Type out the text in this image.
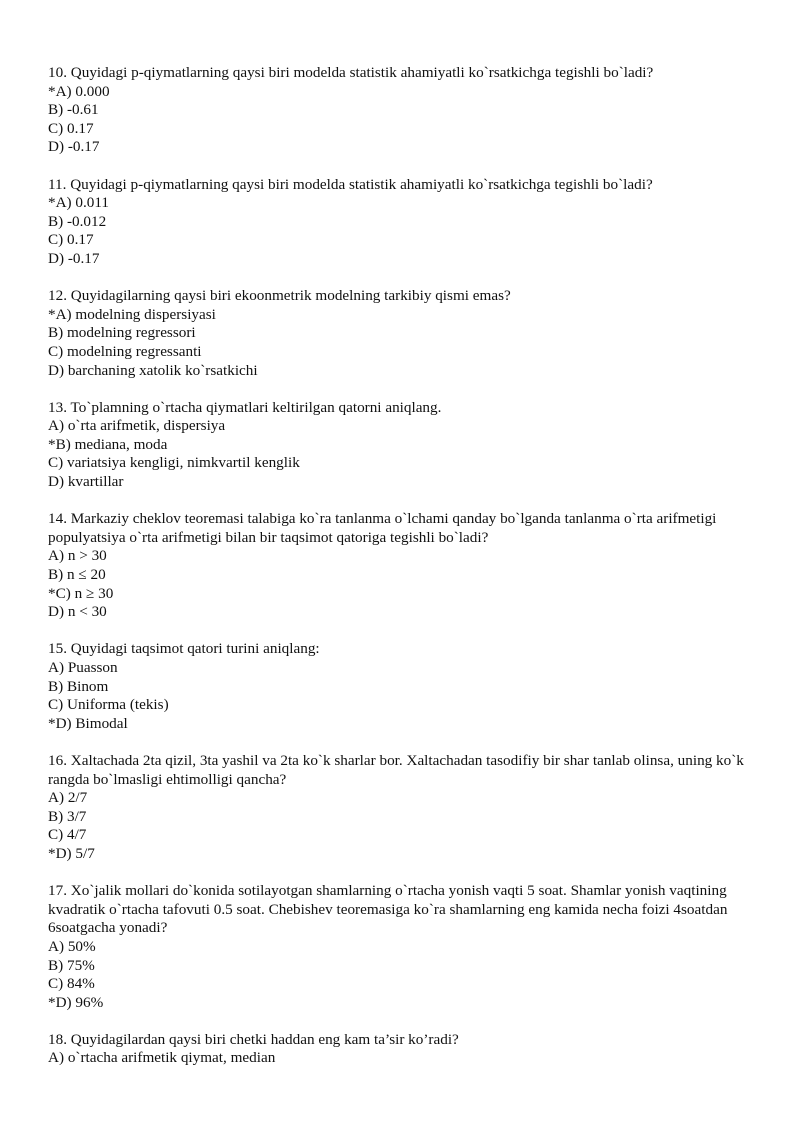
10. Quyidagi p-qiymatlarning qaysi biri modelda statistik ahamiyatli ko`rsatkichga tegishli bo`ladi?
*A) 0.000
B) -0.61
C) 0.17
D) -0.17
11. Quyidagi p-qiymatlarning qaysi biri modelda statistik ahamiyatli ko`rsatkichga tegishli bo`ladi?
*A) 0.011
B) -0.012
C) 0.17
D) -0.17
12. Quyidagilarning qaysi biri ekoonmetrik modelning tarkibiy qismi emas?
*A) modelning dispersiyasi
B) modelning regressori
C) modelning regressanti
D) barchaning xatolik ko`rsatkichi
13. To`plamning o`rtacha qiymatlari keltirilgan qatorni aniqlang.
A) o`rta arifmetik, dispersiya
*B) mediana, moda
C) variatsiya kengligi, nimkvartil kenglik
D) kvartillar
14. Markaziy cheklov teoremasi talabiga ko`ra tanlanma o`lchami qanday bo`lganda tanlanma o`rta arifmetigi populyatsiya o`rta arifmetigi bilan bir taqsimot qatoriga tegishli bo`ladi?
A) n > 30
B) n ≤ 20
*C) n ≥ 30
D) n < 30
15. Quyidagi taqsimot qatori turini aniqlang:
A) Puasson
B) Binom
C) Uniforma (tekis)
*D) Bimodal
16. Xaltachada 2ta qizil, 3ta yashil va 2ta ko`k sharlar bor. Xaltachadan tasodifiy bir shar tanlab olinsa, uning ko`k rangda bo`lmasligi ehtimolligi qancha?
A) 2/7
B) 3/7
C) 4/7
*D) 5/7
17. Xo`jalik mollari do`konida sotilayotgan shamlarning o`rtacha yonish vaqti 5 soat. Shamlar yonish vaqtining kvadratik o`rtacha tafovuti 0.5 soat. Chebishev teoremasiga ko`ra shamlarning eng kamida necha foizi 4soatdan 6soatgacha yonadi?
A) 50%
B) 75%
C) 84%
*D) 96%
18. Quyidagilardan qaysi biri chetki haddan eng kam ta’sir ko’radi?
A) o`rtacha arifmetik qiymat, median
